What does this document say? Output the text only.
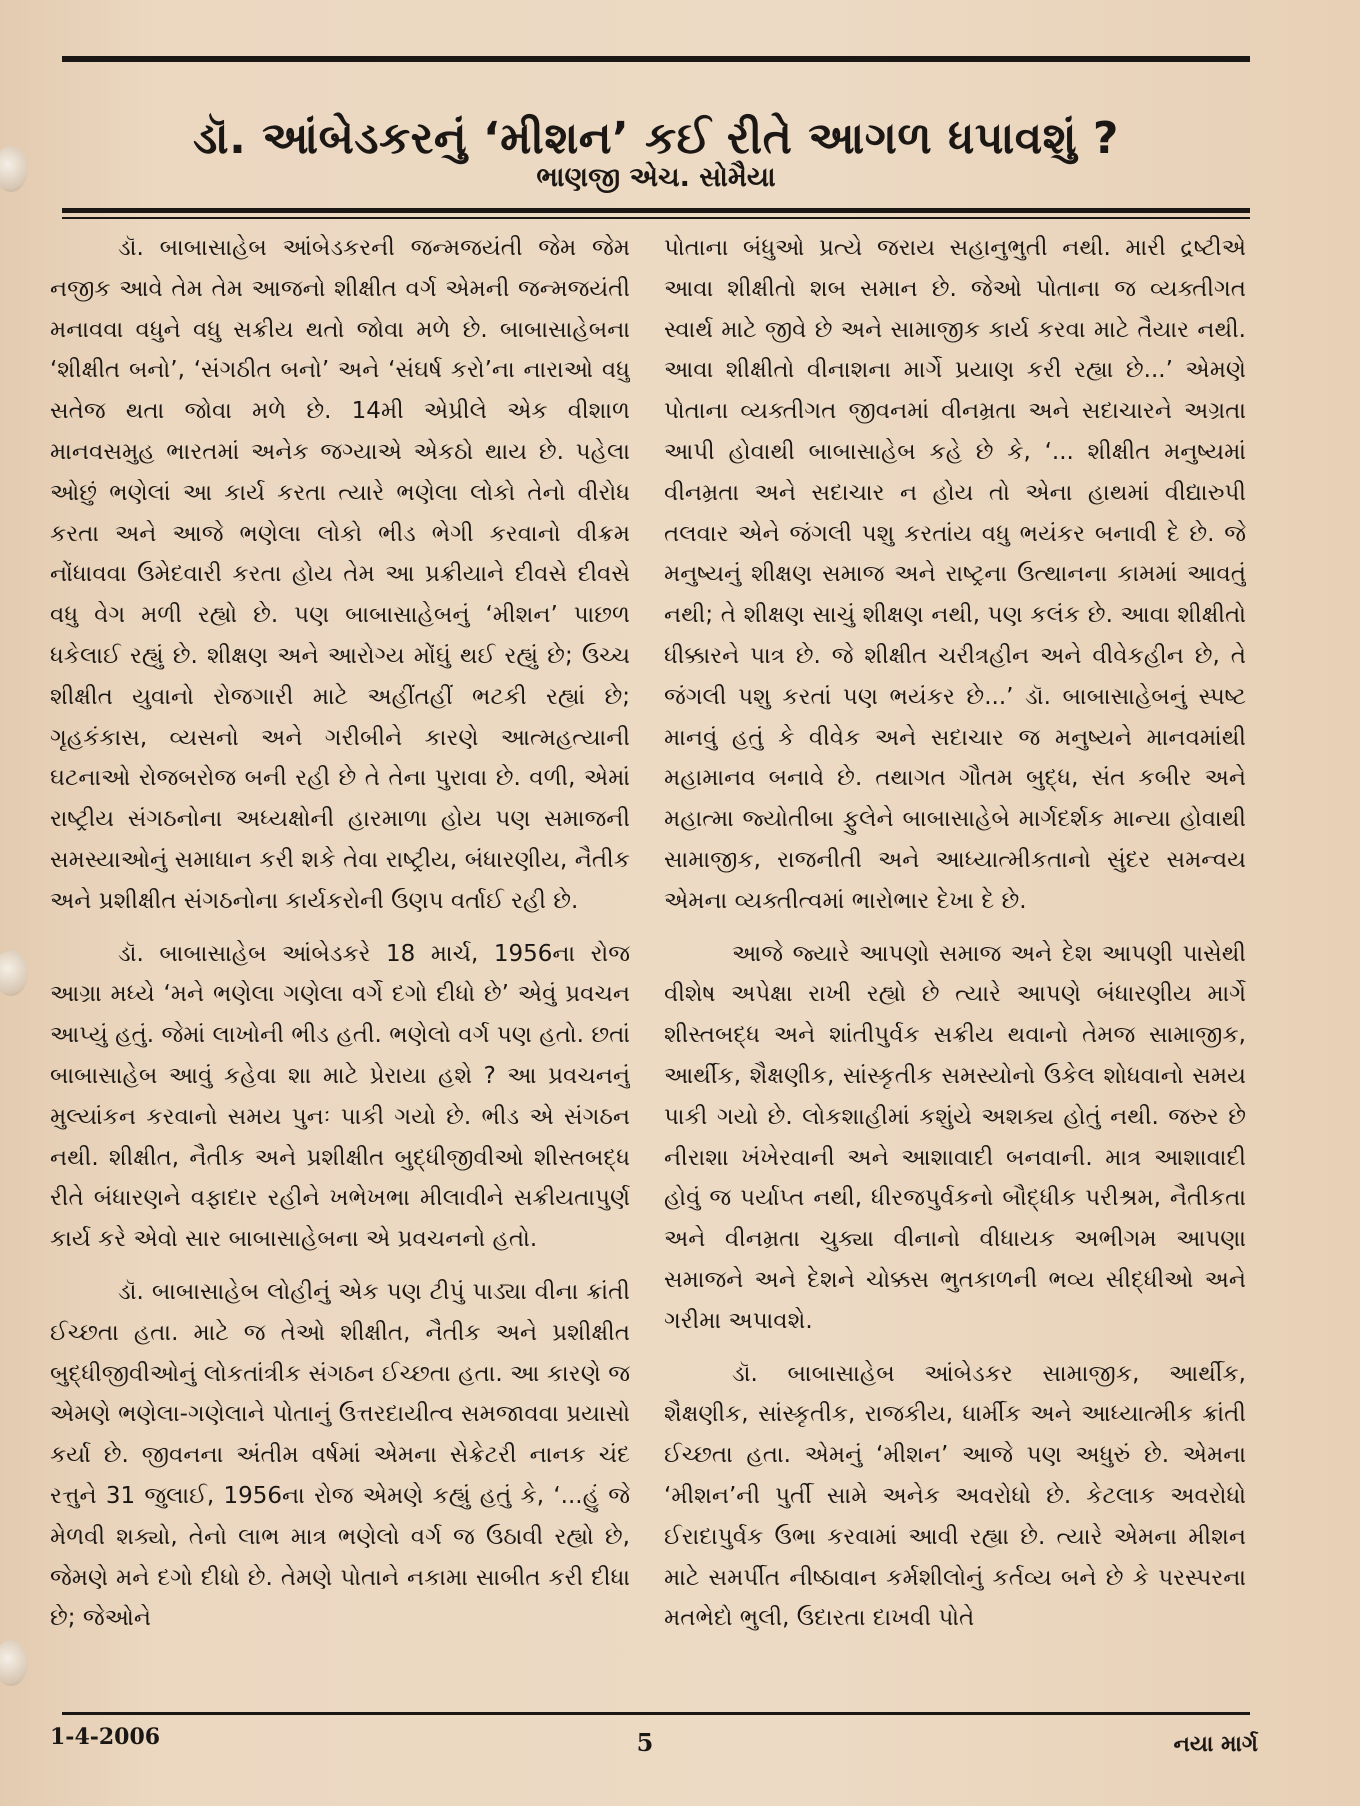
ડૉ. આંબેડકરનું ‘મીશન’ કઈ રીતે આગળ ધપાવશું ?
ભાણજી એચ. સોમૈયા

ડૉ. બાબાસાહેબ આંબેડકરની જન્મજયંતી જેમ જેમ નજીક આવે તેમ તેમ આજનો શીક્ષીત વર્ગ એમની જન્મજયંતી મનાવવા વધુને વધુ સક્રીય થતો જોવા મળે છે. બાબાસાહેબના ‘શીક્ષીત બનો’, ‘સંગઠીત બનો’ અને ‘સંઘર્ષ કરો’ના નારાઓ વધુ સતેજ થતા જોવા મળે છે. 14મી એપ્રીલે એક વીશાળ માનવસમુહ ભારતમાં અનેક જગ્યાએ એકઠો થાય છે. પહેલા ઓછું ભણેલાં આ કાર્ય કરતા ત્યારે ભણેલા લોકો તેનો વીરોધ કરતા અને આજે ભણેલા લોકો ભીડ ભેગી કરવાનો વીક્રમ નોંધાવવા ઉમેદવારી કરતા હોય તેમ આ પ્રક્રીયાને દીવસે દીવસે વધુ વેગ મળી રહ્યો છે. પણ બાબાસાહેબનું ‘મીશન’ પાછળ ધકેલાઈ રહ્યું છે. શીક્ષણ અને આરોગ્ય મોંઘું થઈ રહ્યું છે; ઉચ્ચ શીક્ષીત યુવાનો રોજગારી માટે અહીંતહીં ભટકી રહ્યાં છે; ગૃહકંકાસ, વ્યસનો અને ગરીબીને કારણે આત્મહત્યાની ઘટનાઓ રોજબરોજ બની રહી છે તે તેના પુરાવા છે. વળી, એમાં રાષ્ટ્રીય સંગઠનોના અધ્યક્ષોની હારમાળા હોય પણ સમાજની સમસ્યાઓનું સમાધાન કરી શકે તેવા રાષ્ટ્રીય, બંધારણીય, નૈતીક અને પ્રશીક્ષીત સંગઠનોના કાર્યકરોની ઉણપ વર્તાઈ રહી છે.

ડૉ. બાબાસાહેબ આંબેડકરે 18 માર્ચ, 1956ના રોજ આગ્રા મધ્યે ‘મને ભણેલા ગણેલા વર્ગે દગો દીધો છે’ એવું પ્રવચન આપ્યું હતું. જેમાં લાખોની ભીડ હતી. ભણેલો વર્ગ પણ હતો. છતાં બાબાસાહેબ આવું કહેવા શા માટે પ્રેરાયા હશે ? આ પ્રવચનનું મુલ્યાંકન કરવાનો સમય પુનઃ પાકી ગયો છે. ભીડ એ સંગઠન નથી. શીક્ષીત, નૈતીક અને પ્રશીક્ષીત બુદ્ધીજીવીઓ શીસ્તબદ્ધ રીતે બંધારણને વફાદાર રહીને ખભેખભા મીલાવીને સક્રીયતાપુર્ણ કાર્ય કરે એવો સાર બાબાસાહેબના એ પ્રવચનનો હતો.

ડૉ. બાબાસાહેબ લોહીનું એક પણ ટીપું પાડ્યા વીના ક્રાંતી ઈચ્છતા હતા. માટે જ તેઓ શીક્ષીત, નૈતીક અને પ્રશીક્ષીત બુદ્ધીજીવીઓનું લોકતાંત્રીક સંગઠન ઈચ્છતા હતા. આ કારણે જ એમણે ભણેલા-ગણેલાને પોતાનું ઉત્તરદાયીત્વ સમજાવવા પ્રયાસો કર્યા છે. જીવનના અંતીમ વર્ષમાં એમના સેક્રેટરી નાનક ચંદ રત્તુને 31 જુલાઈ, 1956ના રોજ એમણે કહ્યું હતું કે, ‘...હું જે મેળવી શક્યો, તેનો લાભ માત્ર ભણેલો વર્ગ જ ઉઠાવી રહ્યો છે, જેમણે મને દગો દીધો છે. તેમણે પોતાને નકામા સાબીત કરી દીધા છે; જેઓને

પોતાના બંધુઓ પ્રત્યે જરાય સહાનુભુતી નથી. મારી દ્રષ્ટીએ આવા શીક્ષીતો શબ સમાન છે. જેઓ પોતાના જ વ્યક્તીગત સ્વાર્થ માટે જીવે છે અને સામાજીક કાર્ય કરવા માટે તૈયાર નથી. આવા શીક્ષીતો વીનાશના માર્ગે પ્રયાણ કરી રહ્યા છે...’ એમણે પોતાના વ્યક્તીગત જીવનમાં વીનમ્રતા અને સદાચારને અગ્રતા આપી હોવાથી બાબાસાહેબ કહે છે કે, ‘... શીક્ષીત મનુષ્યમાં વીનમ્રતા અને સદાચાર ન હોય તો એના હાથમાં વીદ્યારુપી તલવાર એને જંગલી પશુ કરતાંય વધુ ભયંકર બનાવી દે છે. જે મનુષ્યનું શીક્ષણ સમાજ અને રાષ્ટ્રના ઉત્થાનના કામમાં આવતું નથી; તે શીક્ષણ સાચું શીક્ષણ નથી, પણ કલંક છે. આવા શીક્ષીતો ધીક્કારને પાત્ર છે. જે શીક્ષીત ચરીત્રહીન અને વીવેકહીન છે, તે જંગલી પશુ કરતાં પણ ભયંકર છે...’ ડૉ. બાબાસાહેબનું સ્પષ્ટ માનવું હતું કે વીવેક અને સદાચાર જ મનુષ્યને માનવમાંથી મહામાનવ બનાવે છે. તથાગત ગૌતમ બુદ્ધ, સંત કબીર અને મહાત્મા જ્યોતીબા ફુલેને બાબાસાહેબે માર્ગદર્શક માન્યા હોવાથી સામાજીક, રાજનીતી અને આધ્યાત્મીકતાનો સુંદર સમન્વય એમના વ્યક્તીત્વમાં ભારોભાર દેખા દે છે.

આજે જ્યારે આપણો સમાજ અને દેશ આપણી પાસેથી વીશેષ અપેક્ષા રાખી રહ્યો છે ત્યારે આપણે બંધારણીય માર્ગે શીસ્તબદ્ધ અને શાંતીપુર્વક સક્રીય થવાનો તેમજ સામાજીક, આર્થીક, શૈક્ષણીક, સાંસ્કૃતીક સમસ્યોનો ઉકેલ શોધવાનો સમય પાકી ગયો છે. લોકશાહીમાં કશુંયે અશક્ય હોતું નથી. જરુર છે નીરાશા ખંખેરવાની અને આશાવાદી બનવાની. માત્ર આશાવાદી હોવું જ પર્યાપ્ત નથી, ધીરજપુર્વકનો બૌદ્ધીક પરીશ્રમ, નૈતીકતા અને વીનમ્રતા ચુક્યા વીનાનો વીધાયક અભીગમ આપણા સમાજને અને દેશને ચોક્કસ ભુતકાળની ભવ્ય સીદ્ધીઓ અને ગરીમા અપાવશે.

ડૉ. બાબાસાહેબ આંબેડકર સામાજીક, આર્થીક, શૈક્ષણીક, સાંસ્કૃતીક, રાજકીય, ધાર્મીક અને આધ્યાત્મીક ક્રાંતી ઈચ્છતા હતા. એમનું ‘મીશન’ આજે પણ અધુરું છે. એમના ‘મીશન’ની પુર્તી સામે અનેક અવરોધો છે. કેટલાક અવરોધો ઈરાદાપુર્વક ઉભા કરવામાં આવી રહ્યા છે. ત્યારે એમના મીશન માટે સમર્પીત નીષ્ઠાવાન કર્મશીલોનું કર્તવ્ય બને છે કે પરસ્પરના મતભેદો ભુલી, ઉદારતા દાખવી પોતે

1-4-2006	5	નયા માર્ગ
